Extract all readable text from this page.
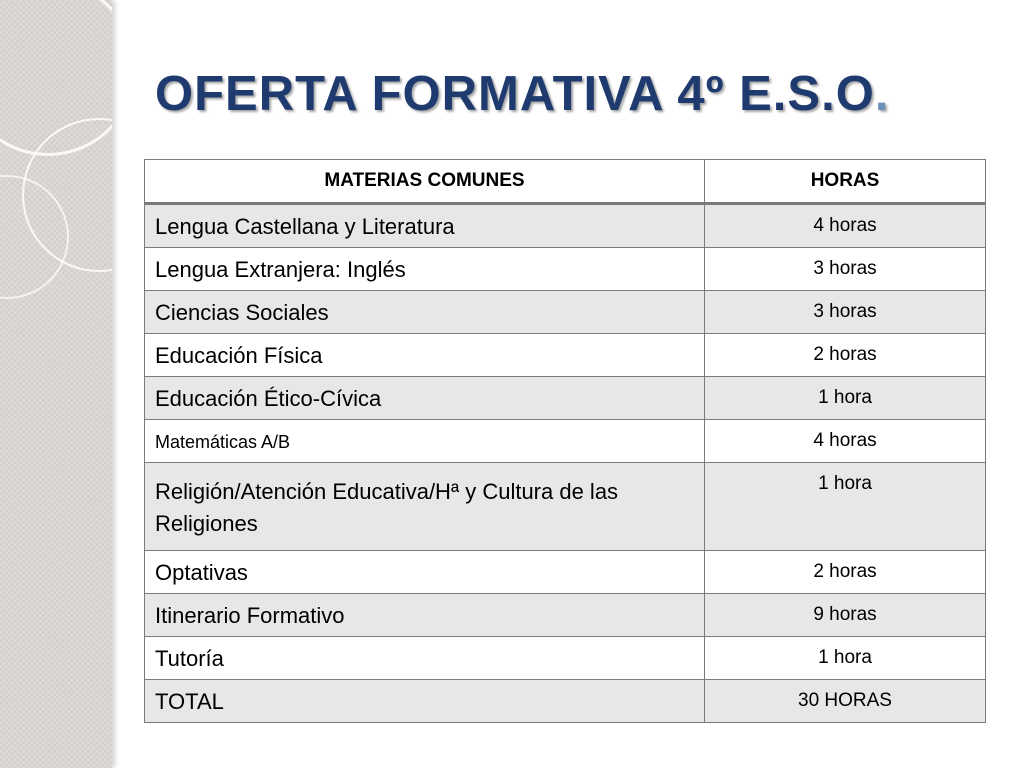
OFERTA FORMATIVA 4º E.S.O.
MATERIAS COMUNES	HORAS
Lengua Castellana y Literatura	4 horas
Lengua Extranjera: Inglés	3 horas
Ciencias Sociales	3 horas
Educación Física	2 horas
Educación Ético-Cívica	1 hora
Matemáticas A/B	4 horas
Religión/Atención Educativa/Hª y Cultura de las Religiones	1 hora
Optativas	2 horas
Itinerario Formativo	9 horas
Tutoría	1 hora
TOTAL	30 HORAS
